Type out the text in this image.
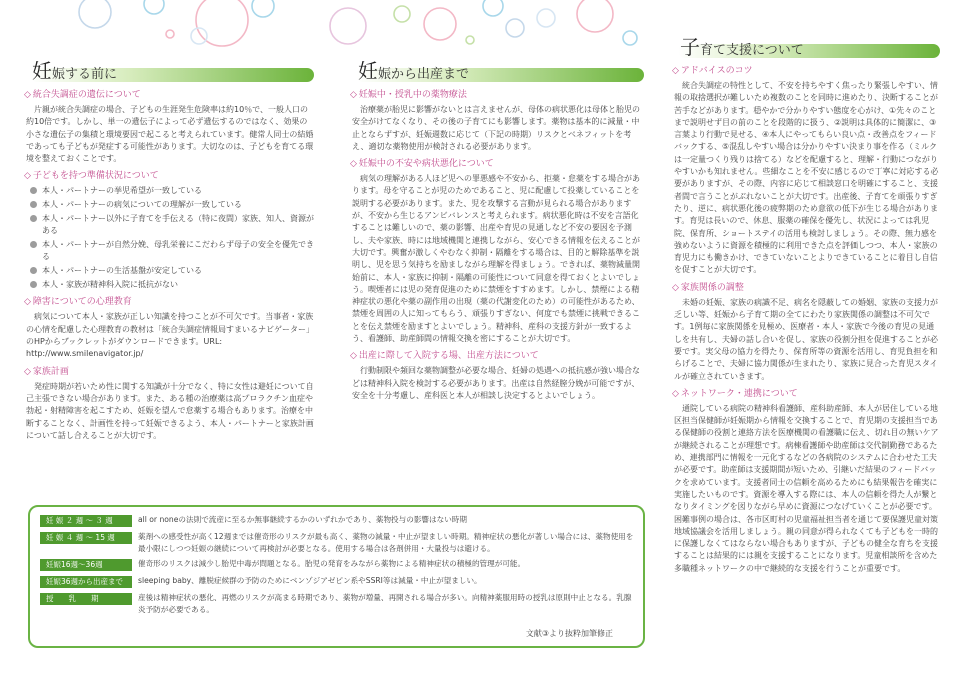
妊娠する前に
◇ 統合失調症の遺伝について

片親が統合失調症の場合、子どもの生涯発生危険率は約10％で、一般人口の約10倍です。しかし、単一の遺伝子によって必ず遺伝するのではなく、効果の小さな遺伝子の集積と環境要因で起こると考えられています。健常人同士の結婚であっても子どもが発症する可能性があります。大切なのは、子どもを育てる環境を整えておくことです。

◇ 子どもを持つ準備状況について
本人・パートナーの挙児希望が一致している
本人・パートナーの病気についての理解が一致している
本人・パートナー以外に子育てを手伝える（特に夜間）家族、知人、資源がある
本人・パートナーが自然分娩、母乳栄養にこだわらず母子の安全を優先できる
本人・パートナーの生活基盤が安定している
本人・家族が精神科入院に抵抗がない
◇ 障害についての心理教育

病気について本人・家族が正しい知識を持つことが不可欠です。当事者・家族の心情を配慮した心理教育の教材は「統合失調症情報局すまいるナビゲーター」のHPからブックレットがダウンロードできます。URL: http://www.smilenavigator.jp/

◇ 家族計画

発症時期が若いため性に関する知識が十分でなく、特に女性は避妊について自己主張できない場合があります。また、ある種の治療薬は高プロラクチン血症や勃起・射精障害を起こすため、妊娠を望んで怠薬する場合もあります。治療を中断することなく、計画性を持って妊娠できるよう、本人・パートナーと家族計画について話し合えることが大切です。

妊娠から出産まで
◇ 妊娠中・授乳中の薬物療法

治療薬が胎児に影響がないとは言えませんが、母体の病状悪化は母体と胎児の安全がけてなくなり、その後の子育てにも影響します。薬物は基本的に減量・中止とならずすが、妊娠週数に応じて（下記の時期）リスクとベネフィットを考え、適切な薬物使用が検討される必要があります。

◇ 妊娠中の不安や病状悪化について

病気の理解がある人ほど児への罪悪感や不安から、拒薬・怠薬をする場合があります。母を守ることが児のためであること、児に配慮して投薬していることを説明する必要があります。また、児を攻撃する言動が見られる場合がありますが、不安から生じるアンビバレンスと考えられます。病状悪化時は不安を言語化することは難しいので、薬の影響、出産や育児の見通しなど不安の要因を予測し、夫や家族、時には地域機関と連携しながら、安心できる情報を伝えることが大切です。興奮が激しくやむなく抑制・隔離をする場合は、目的と解除基準を説明し、児を思う気持ちを励ましながら理解を得ましょう。できれば、薬物減量開始前に、本人・家族に抑制・隔離の可能性について同意を得ておくとよいでしょう。喫煙者には児の発育促進のために禁煙をすすめます。しかし、禁煙による精神症状の悪化や薬の副作用の出現（薬の代謝変化のため）の可能性があるため、禁煙を周囲の人に知ってもらう、頑張りすぎない、何度でも禁煙に挑戦できることを伝え禁煙を励ますとよいでしょう。精神科、産科の支援方針が一致するよう、看護師、助産師間の情報交換を密にすることが大切です。

◇ 出産に際して入院する場、出産方法について

行動制限や頻回な薬物調整が必要な場合、妊婦の処遇への抵抗感が強い場合などは精神科入院を検討する必要があります。出産は自然経膣分娩が可能ですが、安全を十分考慮し、産科医と本人が相談し決定するとよいでしょう。

子育て支援について
◇ アドバイスのコツ

統合失調症の特性として、不安を持ちやすく焦ったり緊張しやすい、情報の取捨選択が難しいため複数のことを同時に進めたり、決断することが苦手などがあります。穏やかで分かりやすい態度を心がけ、①先々のことまで説明せず目の前のことを段階的に扱う、②説明は具体的に簡潔に、③言葉より行動で見せる、④本人にやってもらい良い点・改善点をフィードバックする、⑤混乱しやすい場合は分かりやすい決まり事を作る（ミルクは一定量つくり残りは捨てる）などを配慮すると、理解・行動につながりやすいかも知れません。些細なことを不安に感じるので丁寧に対応する必要がありますが、その際、内容に応じて相談窓口を明確にすること、支援者間で言うことがぶれないことが大切です。出産後、子育てを頑張りすぎたり、逆に、病状悪化後の疲弊期のため意欲の低下が生じる場合があります。育児は長いので、休息、服薬の確保を優先し、状況によっては乳児院、保育所、ショートステイの活用も検討しましょう。その際、無力感を強めないように資源を積極的に利用できた点を評価しつつ、本人・家族の育児力にも働きかけ、できていないことよりできていることに着目し自信を促すことが大切です。

◇ 家族関係の調整

未婚の妊娠、家族の病識不足、病名を隠蔽しての婚姻、家族の支援力が乏しい等、妊娠から子育て期の全てにわたり家族関係の調整は不可欠です。1例毎に家族関係を見極め、医療者・本人・家族で今後の育児の見通しを共有し、夫婦の話し合いを促し、家族の役割分担を促進することが必要です。実父母の協力を得たり、保育所等の資源を活用し、育児負担を和らげることで、夫婦に協力関係が生まれたり、家族に見合った育児スタイルが確立されていきます。

◇ ネットワーク・連携について

通院している病院の精神科看護師、産科助産師、本人が居住している地区担当保健師が妊娠期から情報を交換することで、育児期の支援担当である保健師の役割と連絡方法を医療機関の看護職に伝え、切れ目の無いケアが継続されることが理想です。病棟看護師や助産師は交代制勤務であるため、連携部門に情報を一元化するなどの各病院のシステムに合わせた工夫が必要です。助産師は支援期間が短いため、引継いだ結果のフィードバックを求めています。支援者同士の信頼を高めるためにも結果報告を確実に実施したいものです。資源を導入する際には、本人の信頼を得た人が繋となりタイミングを図りながら早めに資源につなげていくことが必要です。困難事例の場合は、各市区町村の児童福祉担当者を通じて要保護児童対策地域協議会を活用しましょう。親の同意が得られなくても子どもを一時的に保護しなくてはならない場合もありますが、子どもの健全な育ちを支援することは結果的には親を支援することになります。児童相談所を含めた多職種ネットワークの中で継続的な支援を行うことが重要です。

妊 娠 ２ 週 〜 ３ 週	all or noneの法則で流産に至るか無事継続するかのいずれかであり、薬物投与の影響はない時期
妊 娠 ４ 週 〜 15 週	薬剤への感受性が高く12週までは催奇形のリスクが最も高く、薬物の減量・中止が望ましい時期。精神症状の悪化が著しい場合には、薬物使用を最小限にしつつ妊娠の継続について再検討が必要となる。使用する場合は各剤併用・大量投与は避ける。
妊娠16週〜36週	催奇形のリスクは減少し胎児中毒が問題となる。胎児の発育をみながら薬物による精神症状の積極的管理が可能。
妊娠36週から出産まで	sleeping baby、離脱症候群の予防のためにベンゾジアゼピン系やSSRI等は減量・中止が望ましい。
授　　乳　　期	産後は精神症状の悪化、再燃のリスクが高まる時期であり、薬物が増量、再開される場合が多い。向精神薬服用時の授乳は原則中止となる。乳腺炎予防が必要である。
文献③より抜粋加筆修正
